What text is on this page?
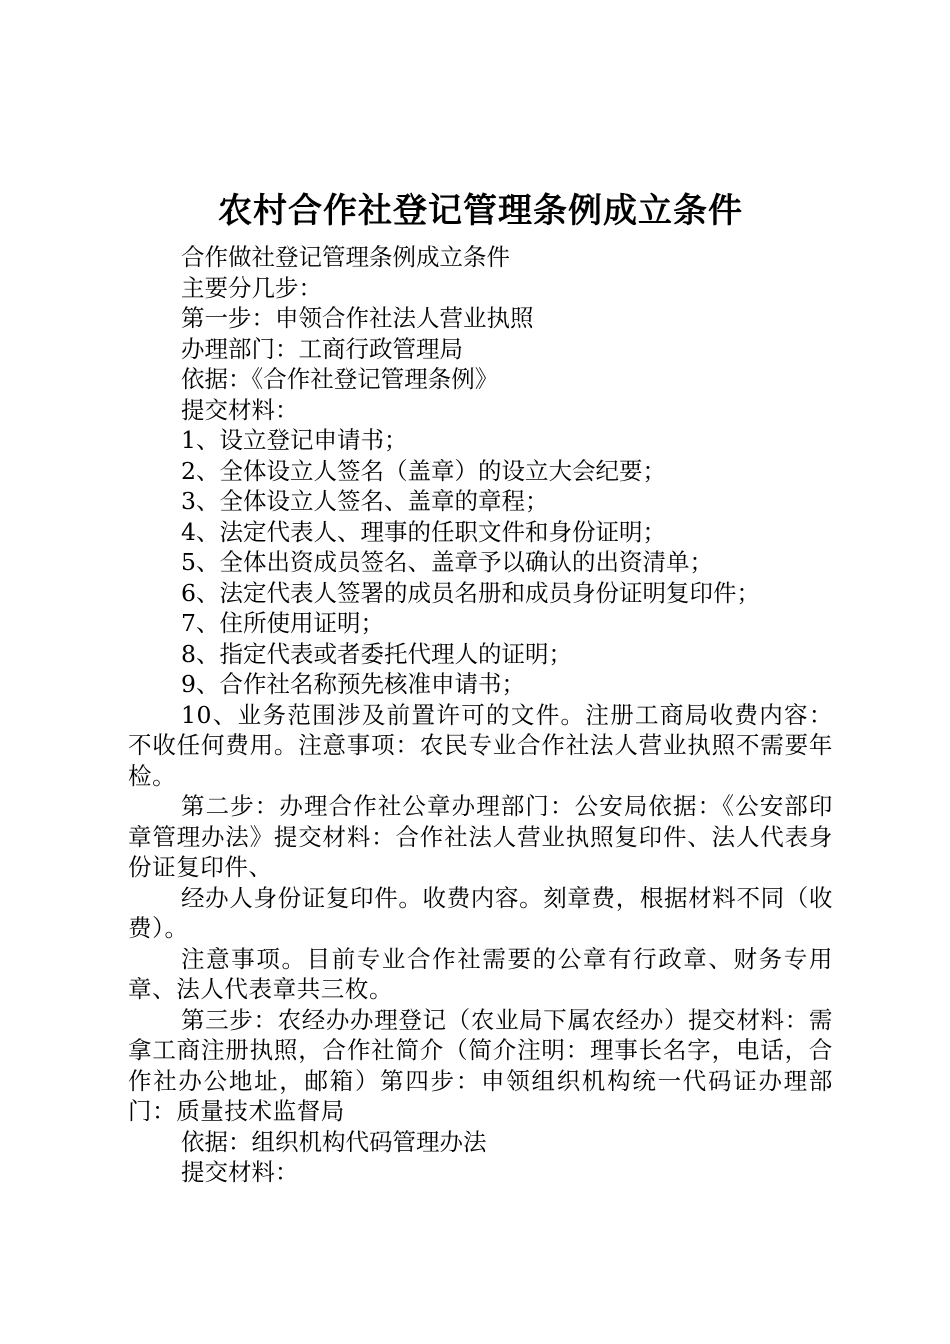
农村合作社登记管理条例成立条件

合作做社登记管理条例成立条件

主要分几步：

第一步：申领合作社法人营业执照

办理部门：工商行政管理局

依据：《合作社登记管理条例》

提交材料：

1、设立登记申请书；

2、全体设立人签名（盖章）的设立大会纪要；

3、全体设立人签名、盖章的章程；

4、法定代表人、理事的任职文件和身份证明；

5、全体出资成员签名、盖章予以确认的出资清单；

6、法定代表人签署的成员名册和成员身份证明复印件；

7、住所使用证明；

8、指定代表或者委托代理人的证明；

9、合作社名称预先核准申请书；

10、业务范围涉及前置许可的文件。注册工商局收费内容：不收任何费用。注意事项：农民专业合作社法人营业执照不需要年检。

第二步：办理合作社公章办理部门：公安局依据：《公安部印章管理办法》提交材料：合作社法人营业执照复印件、法人代表身份证复印件、

经办人身份证复印件。收费内容。刻章费，根据材料不同（收费）。

注意事项。目前专业合作社需要的公章有行政章、财务专用章、法人代表章共三枚。

第三步：农经办办理登记（农业局下属农经办）提交材料：需拿工商注册执照，合作社简介（简介注明：理事长名字，电话，合作社办公地址，邮箱）第四步：申领组织机构统一代码证办理部门：质量技术监督局

依据：组织机构代码管理办法

提交材料：
